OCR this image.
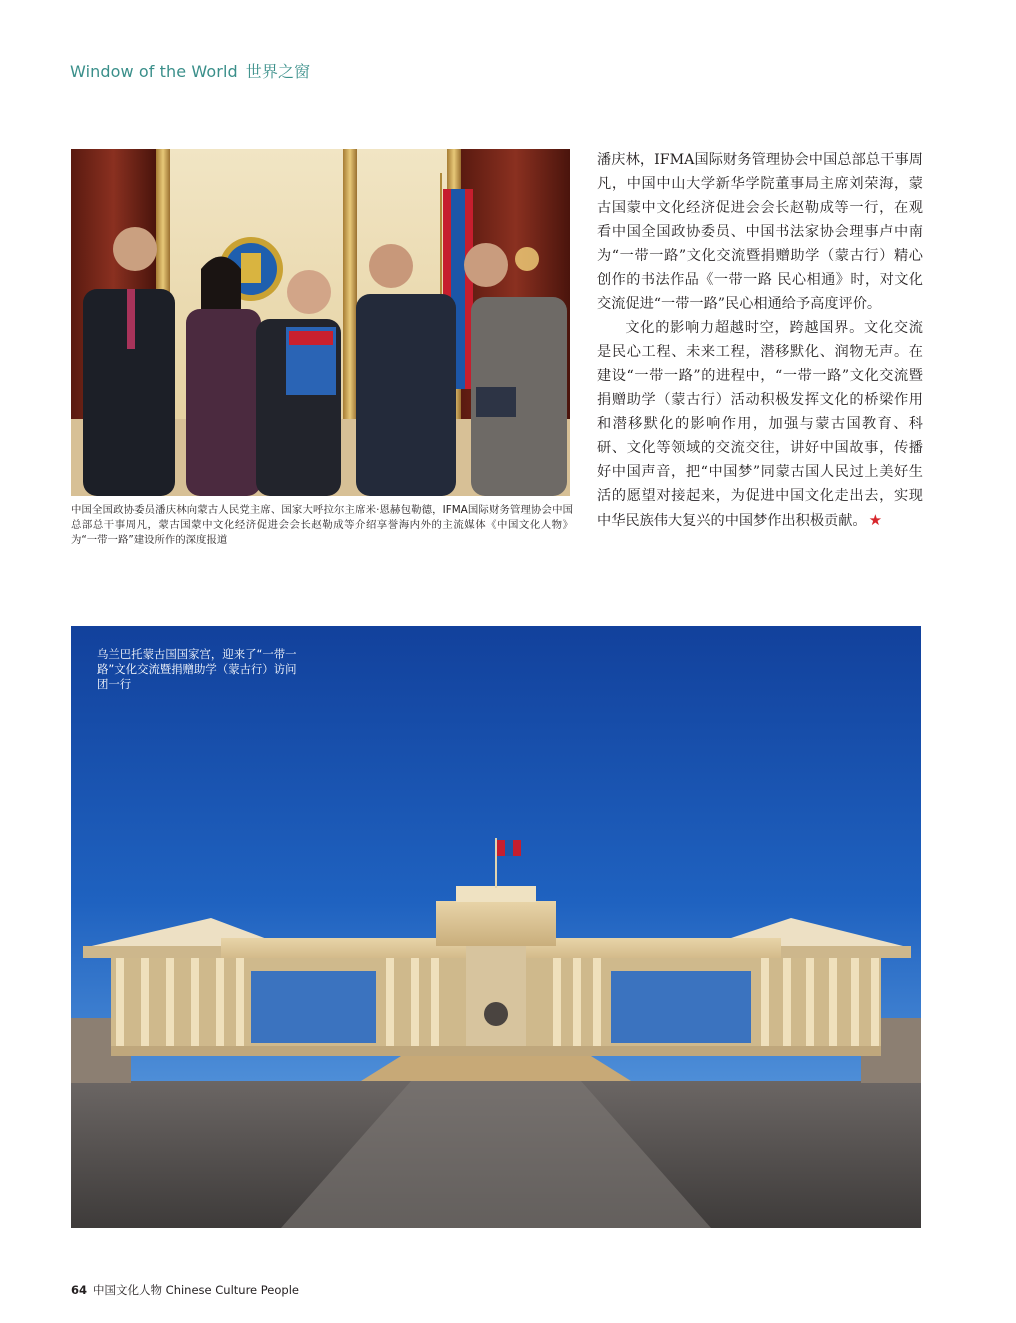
Window of the World 世界之窗
中国全国政协委员潘庆林向蒙古人民党主席、国家大呼拉尔主席米·恩赫包勒德，IFMA国际财务管理协会中国总部总干事周凡，蒙古国蒙中文化经济促进会会长赵勒成等介绍享誉海内外的主流媒体《中国文化人物》为“一带一路”建设所作的深度报道

潘庆林，IFMA国际财务管理协会中国总部总干事周凡，中国中山大学新华学院董事局主席刘荣海，蒙古国蒙中文化经济促进会会长赵勒成等一行，在观看中国全国政协委员、中国书法家协会理事卢中南为“一带一路”文化交流暨捐赠助学（蒙古行）精心创作的书法作品《一带一路 民心相通》时，对文化交流促进“一带一路”民心相通给予高度评价。

文化的影响力超越时空，跨越国界。文化交流是民心工程、未来工程，潜移默化、润物无声。在建设“一带一路”的进程中，“一带一路”文化交流暨捐赠助学（蒙古行）活动积极发挥文化的桥梁作用和潜移默化的影响作用，加强与蒙古国教育、科研、文化等领域的交流交往，讲好中国故事，传播好中国声音，把“中国梦”同蒙古国人民过上美好生活的愿望对接起来，为促进中国文化走出去，实现中华民族伟大复兴的中国梦作出积极贡献。 ★

乌兰巴托蒙古国国家宫，迎来了“一带一路”文化交流暨捐赠助学（蒙古行）访问团一行
64 中国文化人物 Chinese Culture People
